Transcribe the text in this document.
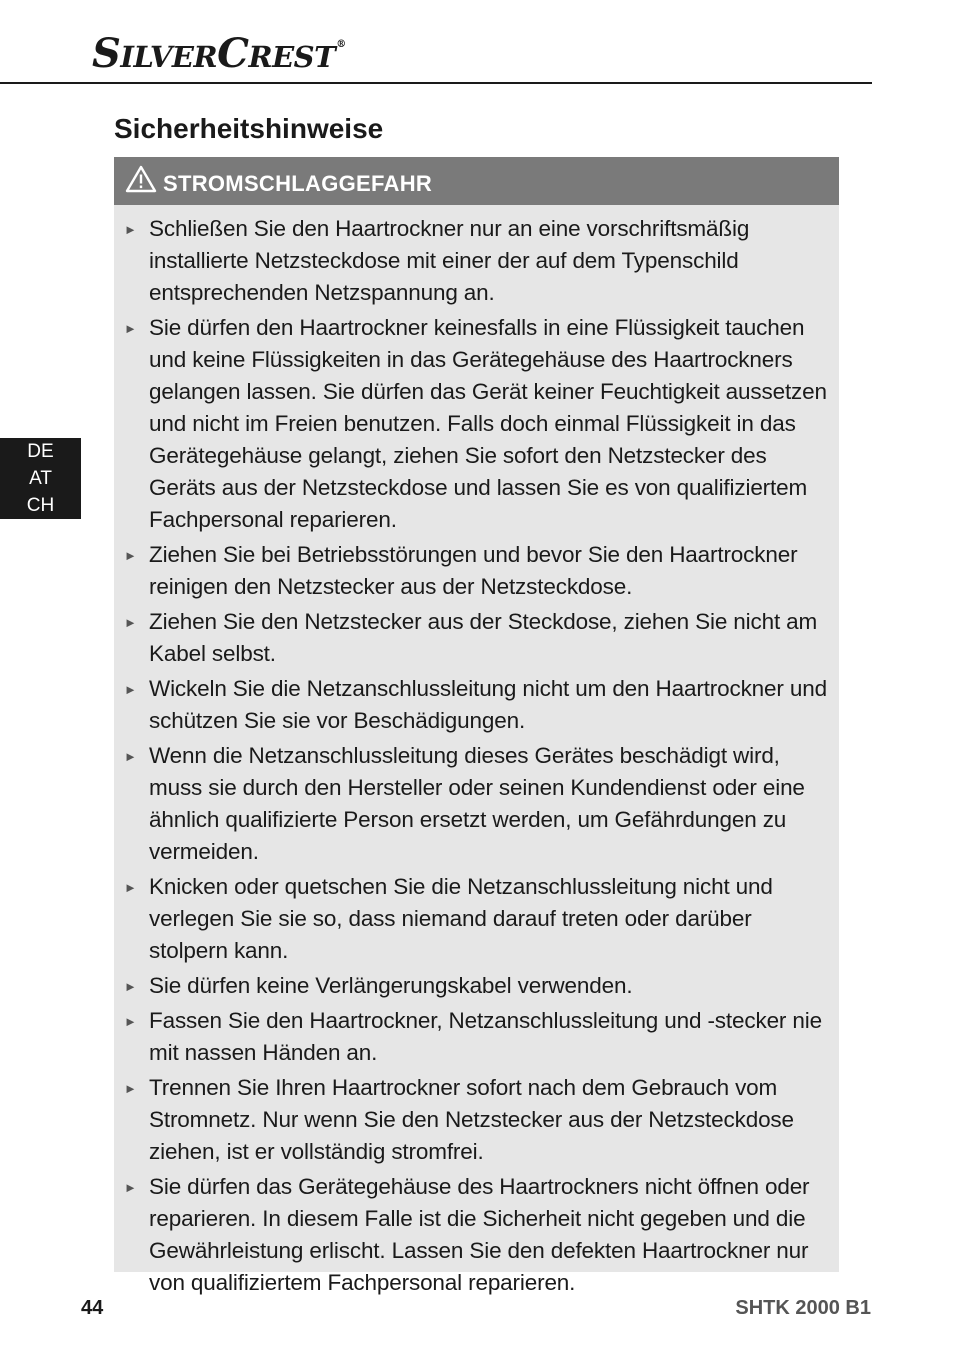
SILVERCREST®
Sicherheitshinweise
STROMSCHLAGGEFAHR
► Schließen Sie den Haartrockner nur an eine vorschriftsmäßig installierte Netzsteckdose mit einer der auf dem Typenschild entsprechenden Netzspannung an.
► Sie dürfen den Haartrockner keinesfalls in eine Flüssigkeit tauchen und keine Flüssigkeiten in das Gerätegehäuse des Haartrockners gelangen lassen. Sie dürfen das Gerät keiner Feuchtigkeit aussetzen und nicht im Freien benutzen. Falls doch einmal Flüssigkeit in das Gerätegehäuse gelangt, ziehen Sie sofort den Netzstecker des Geräts aus der Netzsteckdose und lassen Sie es von qualifiziertem Fachpersonal reparieren.
► Ziehen Sie bei Betriebsstörungen und bevor Sie den Haartrockner reinigen den Netzstecker aus der Netzsteckdose.
► Ziehen Sie den Netzstecker aus der Steckdose, ziehen Sie nicht am Kabel selbst.
► Wickeln Sie die Netzanschlussleitung nicht um den Haartrockner und schützen Sie sie vor Beschädigungen.
► Wenn die Netzanschlussleitung dieses Gerätes beschädigt wird, muss sie durch den Hersteller oder seinen Kundendienst oder eine ähnlich qualifizierte Person ersetzt werden, um Gefährdungen zu vermeiden.
► Knicken oder quetschen Sie die Netzanschlussleitung nicht und verlegen Sie sie so, dass niemand darauf treten oder darüber stolpern kann.
► Sie dürfen keine Verlängerungskabel verwenden.
► Fassen Sie den Haartrockner, Netzanschlussleitung und -stecker nie mit nassen Händen an.
► Trennen Sie Ihren Haartrockner sofort nach dem Gebrauch vom Stromnetz. Nur wenn Sie den Netzstecker aus der Netzsteckdose ziehen, ist er vollständig stromfrei.
► Sie dürfen das Gerätegehäuse des Haartrockners nicht öffnen oder reparieren. In diesem Falle ist die Sicherheit nicht gegeben und die Gewährleistung erlischt. Lassen Sie den defekten Haartrockner nur von qualifiziertem Fachpersonal reparieren.
DE
AT
CH
44	SHTK 2000 B1
